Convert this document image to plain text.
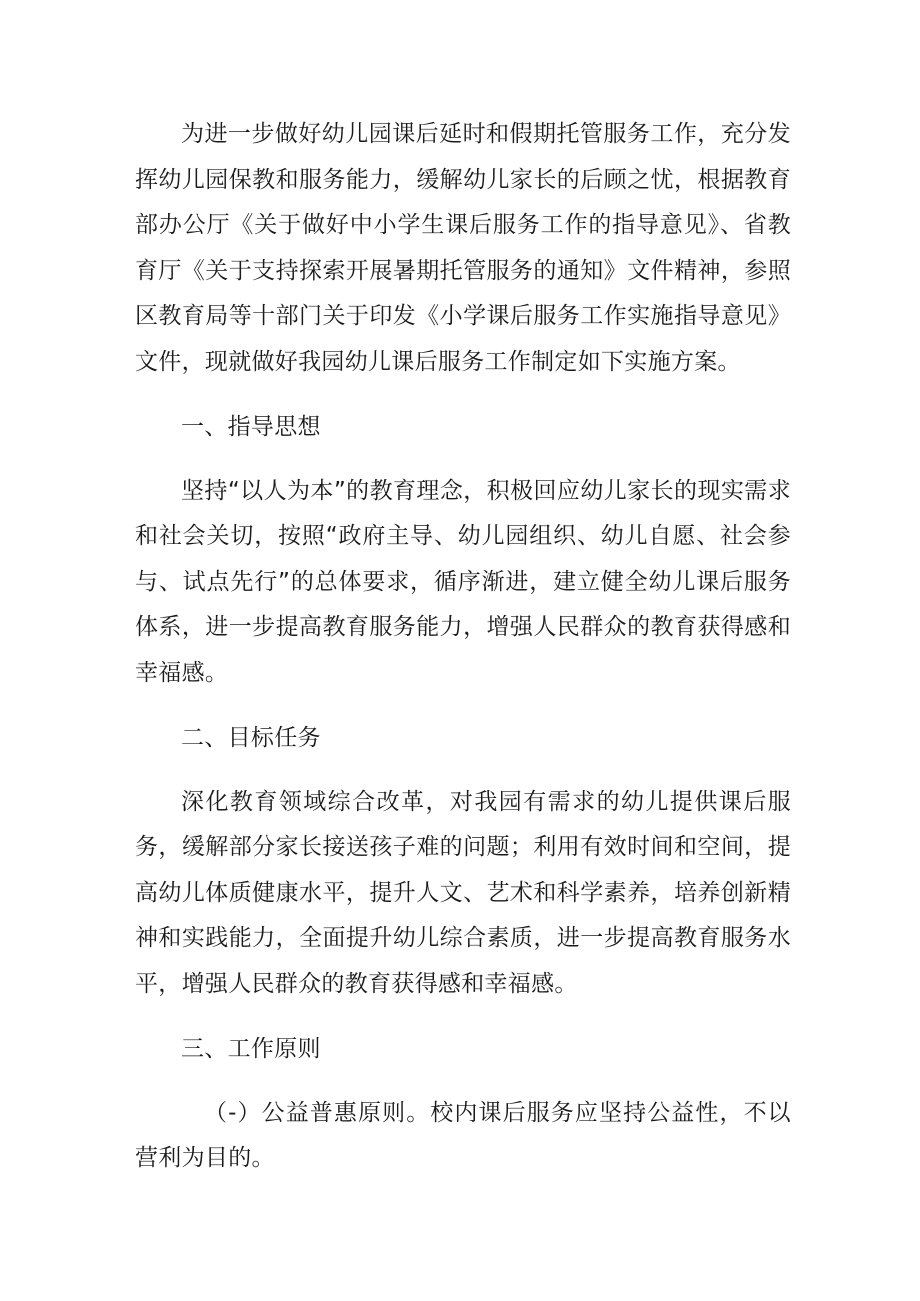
为进一步做好幼儿园课后延时和假期托管服务工作，充分发挥幼儿园保教和服务能力，缓解幼儿家长的后顾之忧，根据教育部办公厅《关于做好中小学生课后服务工作的指导意见》、省教育厅《关于支持探索开展暑期托管服务的通知》文件精神，参照区教育局等十部门关于印发《小学课后服务工作实施指导意见》文件，现就做好我园幼儿课后服务工作制定如下实施方案。

一、指导思想

坚持“以人为本”的教育理念，积极回应幼儿家长的现实需求和社会关切，按照“政府主导、幼儿园组织、幼儿自愿、社会参与、试点先行”的总体要求，循序渐进，建立健全幼儿课后服务体系，进一步提高教育服务能力，增强人民群众的教育获得感和幸福感。

二、目标任务

深化教育领域综合改革，对我园有需求的幼儿提供课后服务，缓解部分家长接送孩子难的问题；利用有效时间和空间，提高幼儿体质健康水平，提升人文、艺术和科学素养，培养创新精神和实践能力，全面提升幼儿综合素质，进一步提高教育服务水平，增强人民群众的教育获得感和幸福感。

三、工作原则

（-）公益普惠原则。校内课后服务应坚持公益性，不以营利为目的。
